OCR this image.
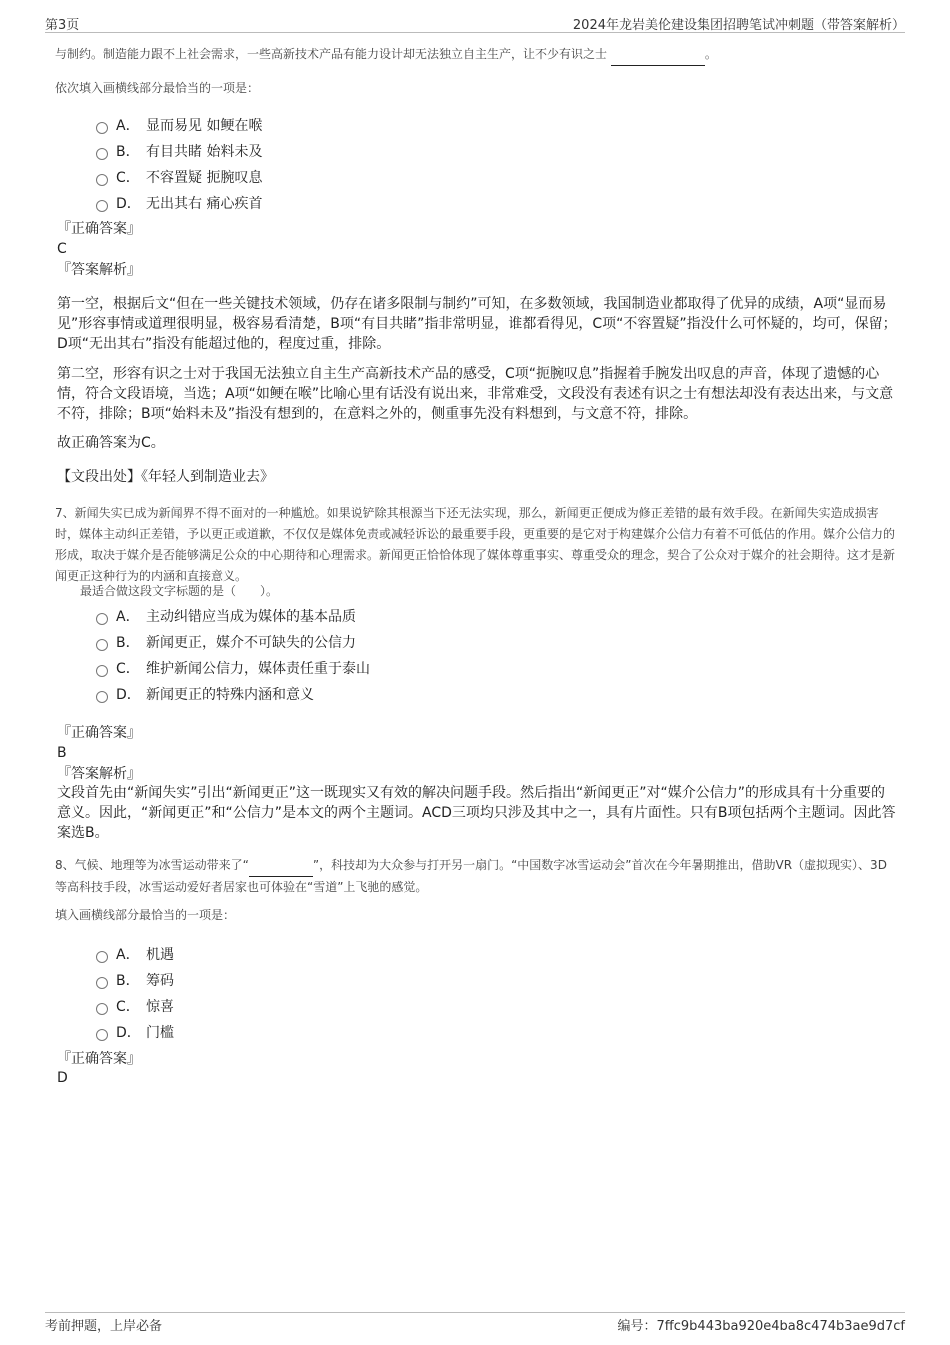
第3页	2024年龙岩美伦建设集团招聘笔试冲刺题（带答案解析）
与制约。制造能力跟不上社会需求，一些高新技术产品有能力设计却无法独立自主生产，让不少有识之士	。
依次填入画横线部分最恰当的一项是：
A． 显而易见 如鲠在喉
B． 有目共睹 始料未及
C． 不容置疑 扼腕叹息
D． 无出其右 痛心疾首
『正确答案』
C
『答案解析』
第一空，根据后文“但在一些关键技术领域，仍存在诸多限制与制约”可知，在多数领域，我国制造业都取得了优异的成绩，A项“显而易见”形容事情或道理很明显，极容易看清楚，B项“有目共睹”指非常明显，谁都看得见，C项“不容置疑”指没什么可怀疑的，均可，保留；D项“无出其右”指没有能超过他的，程度过重，排除。
第二空，形容有识之士对于我国无法独立自主生产高新技术产品的感受，C项“扼腕叹息”指握着手腕发出叹息的声音，体现了遗憾的心情，符合文段语境，当选；A项“如鲠在喉”比喻心里有话没有说出来，非常难受，文段没有表述有识之士有想法却没有表达出来，与文意不符，排除；B项“始料未及”指没有想到的，在意料之外的，侧重事先没有料想到，与文意不符，排除。
故正确答案为C。
【文段出处】《年轻人到制造业去》
7、新闻失实已成为新闻界不得不面对的一种尴尬。如果说铲除其根源当下还无法实现，那么，新闻更正便成为修正差错的最有效手段。在新闻失实造成损害时，媒体主动纠正差错，予以更正或道歉，不仅仅是媒体免责或减轻诉讼的最重要手段，更重要的是它对于构建媒介公信力有着不可低估的作用。媒介公信力的形成，取决于媒介是否能够满足公众的中心期待和心理需求。新闻更正恰恰体现了媒体尊重事实、尊重受众的理念，契合了公众对于媒介的社会期待。这才是新闻更正这种行为的内涵和直接意义。
最适合做这段文字标题的是（　　）。
A． 主动纠错应当成为媒体的基本品质
B． 新闻更正，媒介不可缺失的公信力
C． 维护新闻公信力，媒体责任重于泰山
D． 新闻更正的特殊内涵和意义
『正确答案』
B
『答案解析』
文段首先由“新闻失实”引出“新闻更正”这一既现实又有效的解决问题手段。然后指出“新闻更正”对“媒介公信力”的形成具有十分重要的意义。因此，“新闻更正”和“公信力”是本文的两个主题词。ACD三项均只涉及其中之一，具有片面性。只有B项包括两个主题词。因此答案选B。
8、气候、地理等为冰雪运动带来了“	”，科技却为大众参与打开另一扇门。“中国数字冰雪运动会”首次在今年暑期推出，借助VR（虚拟现实）、3D等高科技手段，冰雪运动爱好者居家也可体验在“雪道”上飞驰的感觉。
填入画横线部分最恰当的一项是：
A． 机遇
B． 筹码
C． 惊喜
D． 门槛
『正确答案』
D
考前押题，上岸必备	编号：7ffc9b443ba920e4ba8c474b3ae9d7cf
